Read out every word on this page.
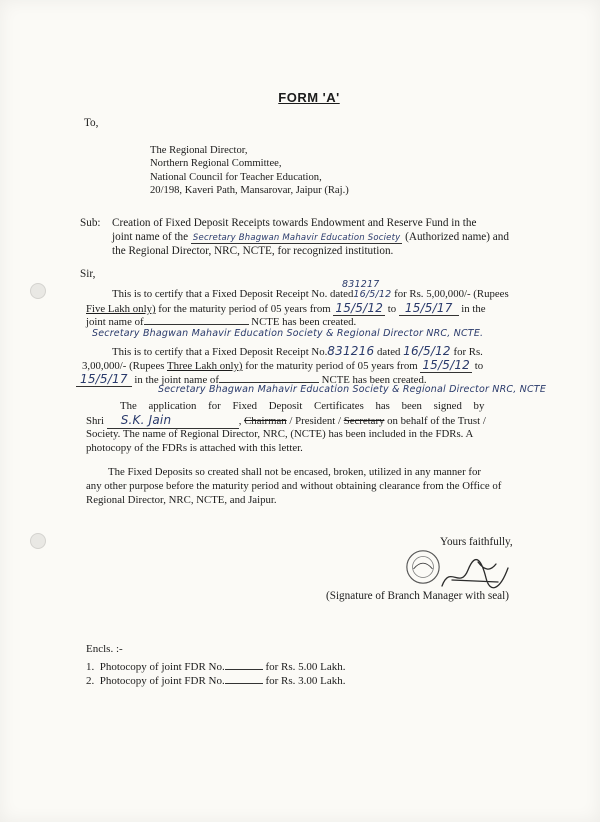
FORM 'A'
To,
The Regional Director,
Northern Regional Committee,
National Council for Teacher Education,
20/198, Kaveri Path, Mansarovar, Jaipur (Raj.)
Sub: Creation of Fixed Deposit Receipts towards Endowment and Reserve Fund in the
joint name of the Secretary Bhagwan Mahavir Education Society (Authorized name) and
the Regional Director, NRC, NCTE, for recognized institution.
Sir,
831217
This is to certify that a Fixed Deposit Receipt No. dated16/5/12 for Rs. 5,00,000/- (Rupees
Five Lakh only) for the maturity period of 05 years from 15/5/12 to 15/5/17 in the
joint name of	NCTE has been created.
Secretary Bhagwan Mahavir Education Society & Regional Director NRC, NCTE.
This is to certify that a Fixed Deposit Receipt No.831216 dated 16/5/12 for Rs.
3,00,000/- (Rupees Three Lakh only) for the maturity period of 05 years from 15/5/12 to
15/5/17 in the joint name of	NCTE has been created.
Secretary Bhagwan Mahavir Education Society & Regional Director NRC, NCTE
The application for Fixed Deposit Certificates has been signed by
Shri S.K. Jain	, Chairman / President / Secretary on behalf of the Trust /
Society. The name of Regional Director, NRC, (NCTE) has been included in the FDRs. A
photocopy of the FDRs is attached with this letter.
The Fixed Deposits so created shall not be encased, broken, utilized in any manner for
any other purpose before the maturity period and without obtaining clearance from the Office of
Regional Director, NRC, NCTE, and Jaipur.
Yours faithfully,
(Signature of Branch Manager with seal)
Encls. :-
1. Photocopy of joint FDR No.	for Rs. 5.00 Lakh.
2. Photocopy of joint FDR No.	for Rs. 3.00 Lakh.
